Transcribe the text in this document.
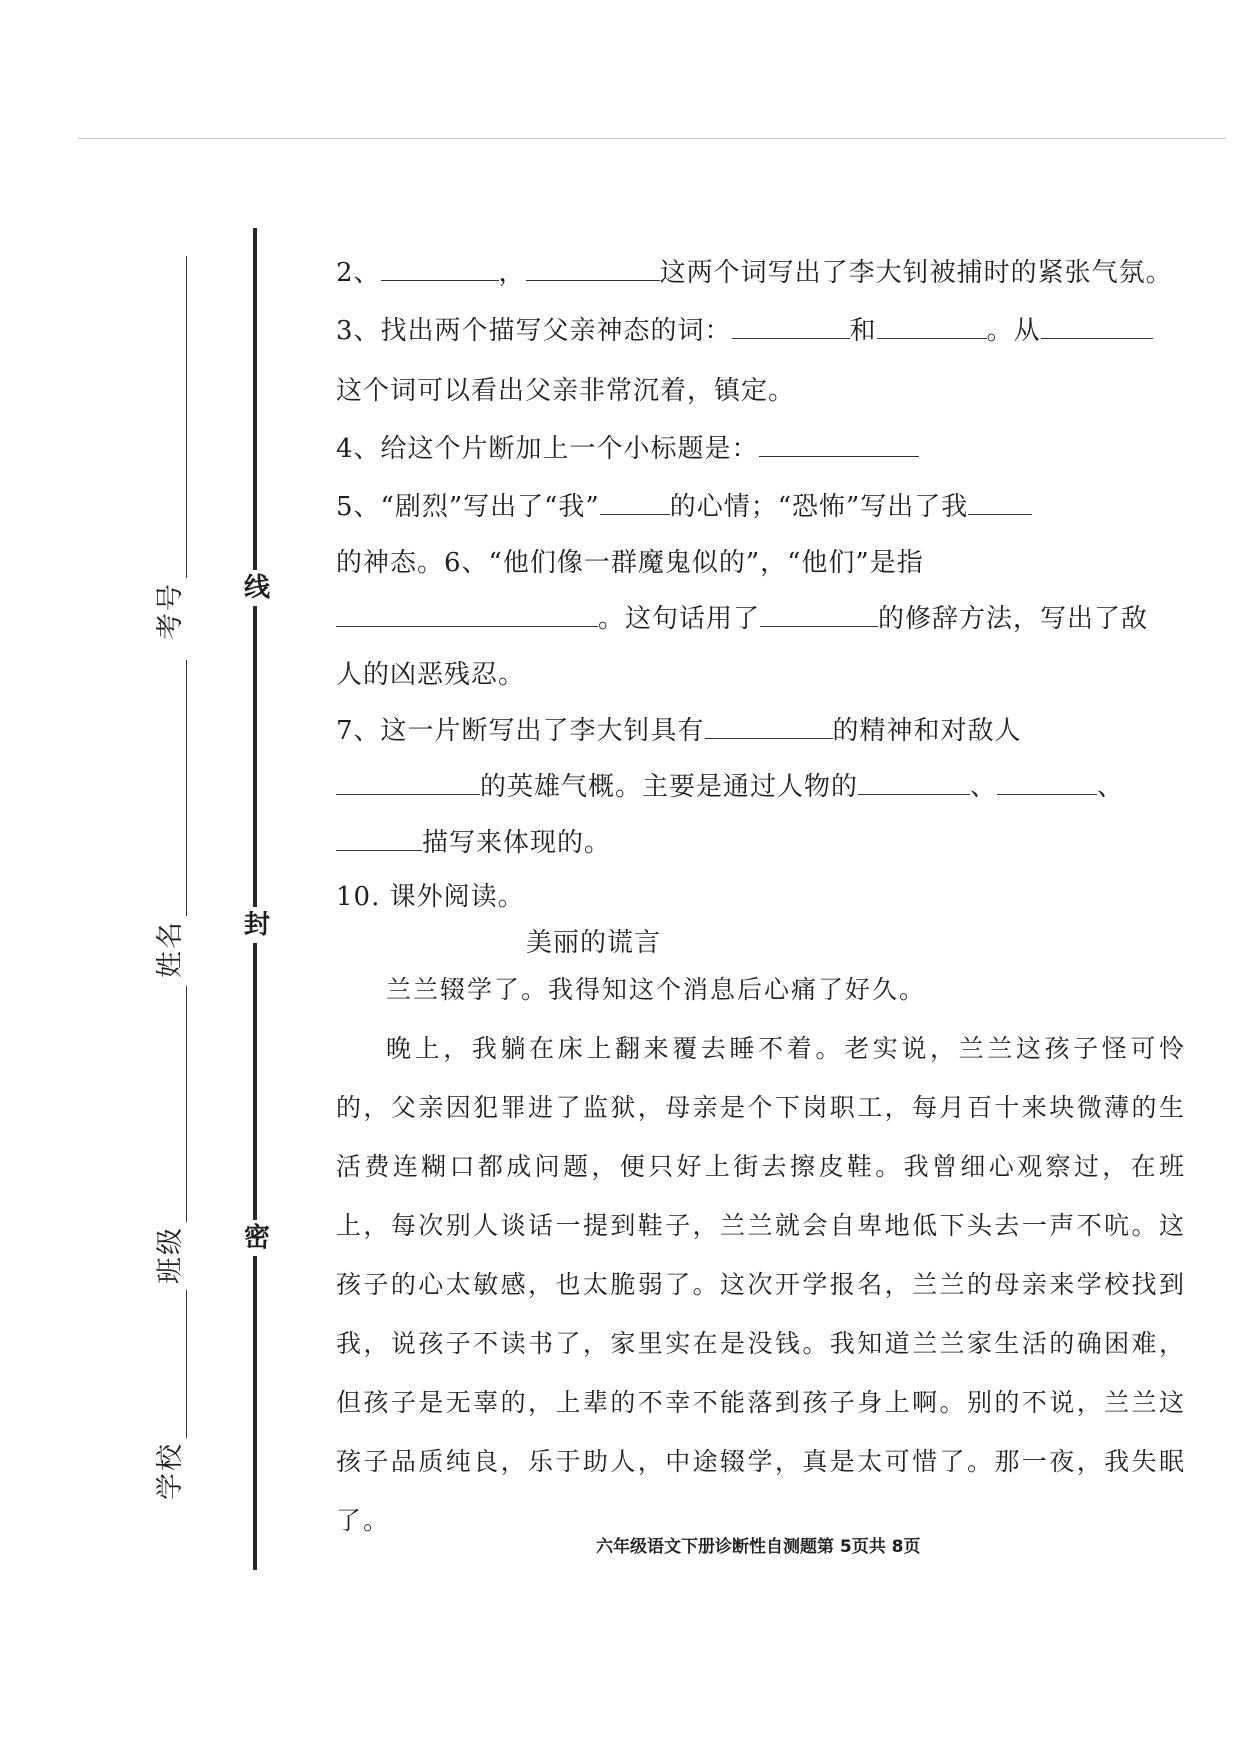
线
封
密
考号
姓名
班级
学校
2、	，	这两个词写出了李大钊被捕时的紧张气氛。
3、找出两个描写父亲神态的词：	和	。从
这个词可以看出父亲非常沉着，镇定。
4、给这个片断加上一个小标题是：
5、“剧烈”写出了“我”	的心情；“恐怖”写出了我
的神态。6、“他们像一群魔鬼似的”，“他们”是指
。这句话用了	的修辞方法，写出了敌
人的凶恶残忍。
7、这一片断写出了李大钊具有	的精神和对敌人
的英雄气概。主要是通过人物的	、	、
描写来体现的。
10. 课外阅读。
美丽的谎言

兰兰辍学了。我得知这个消息后心痛了好久。

晚上，我躺在床上翻来覆去睡不着。老实说，兰兰这孩子怪可怜的，父亲因犯罪进了监狱，母亲是个下岗职工，每月百十来块微薄的生活费连糊口都成问题，便只好上街去擦皮鞋。我曾细心观察过，在班上，每次别人谈话一提到鞋子，兰兰就会自卑地低下头去一声不吭。这孩子的心太敏感，也太脆弱了。这次开学报名，兰兰的母亲来学校找到我，说孩子不读书了，家里实在是没钱。我知道兰兰家生活的确困难，但孩子是无辜的，上辈的不幸不能落到孩子身上啊。别的不说，兰兰这孩子品质纯良，乐于助人，中途辍学，真是太可惜了。那一夜，我失眠了。

六年级语文下册诊断性自测题第 5页共 8页
